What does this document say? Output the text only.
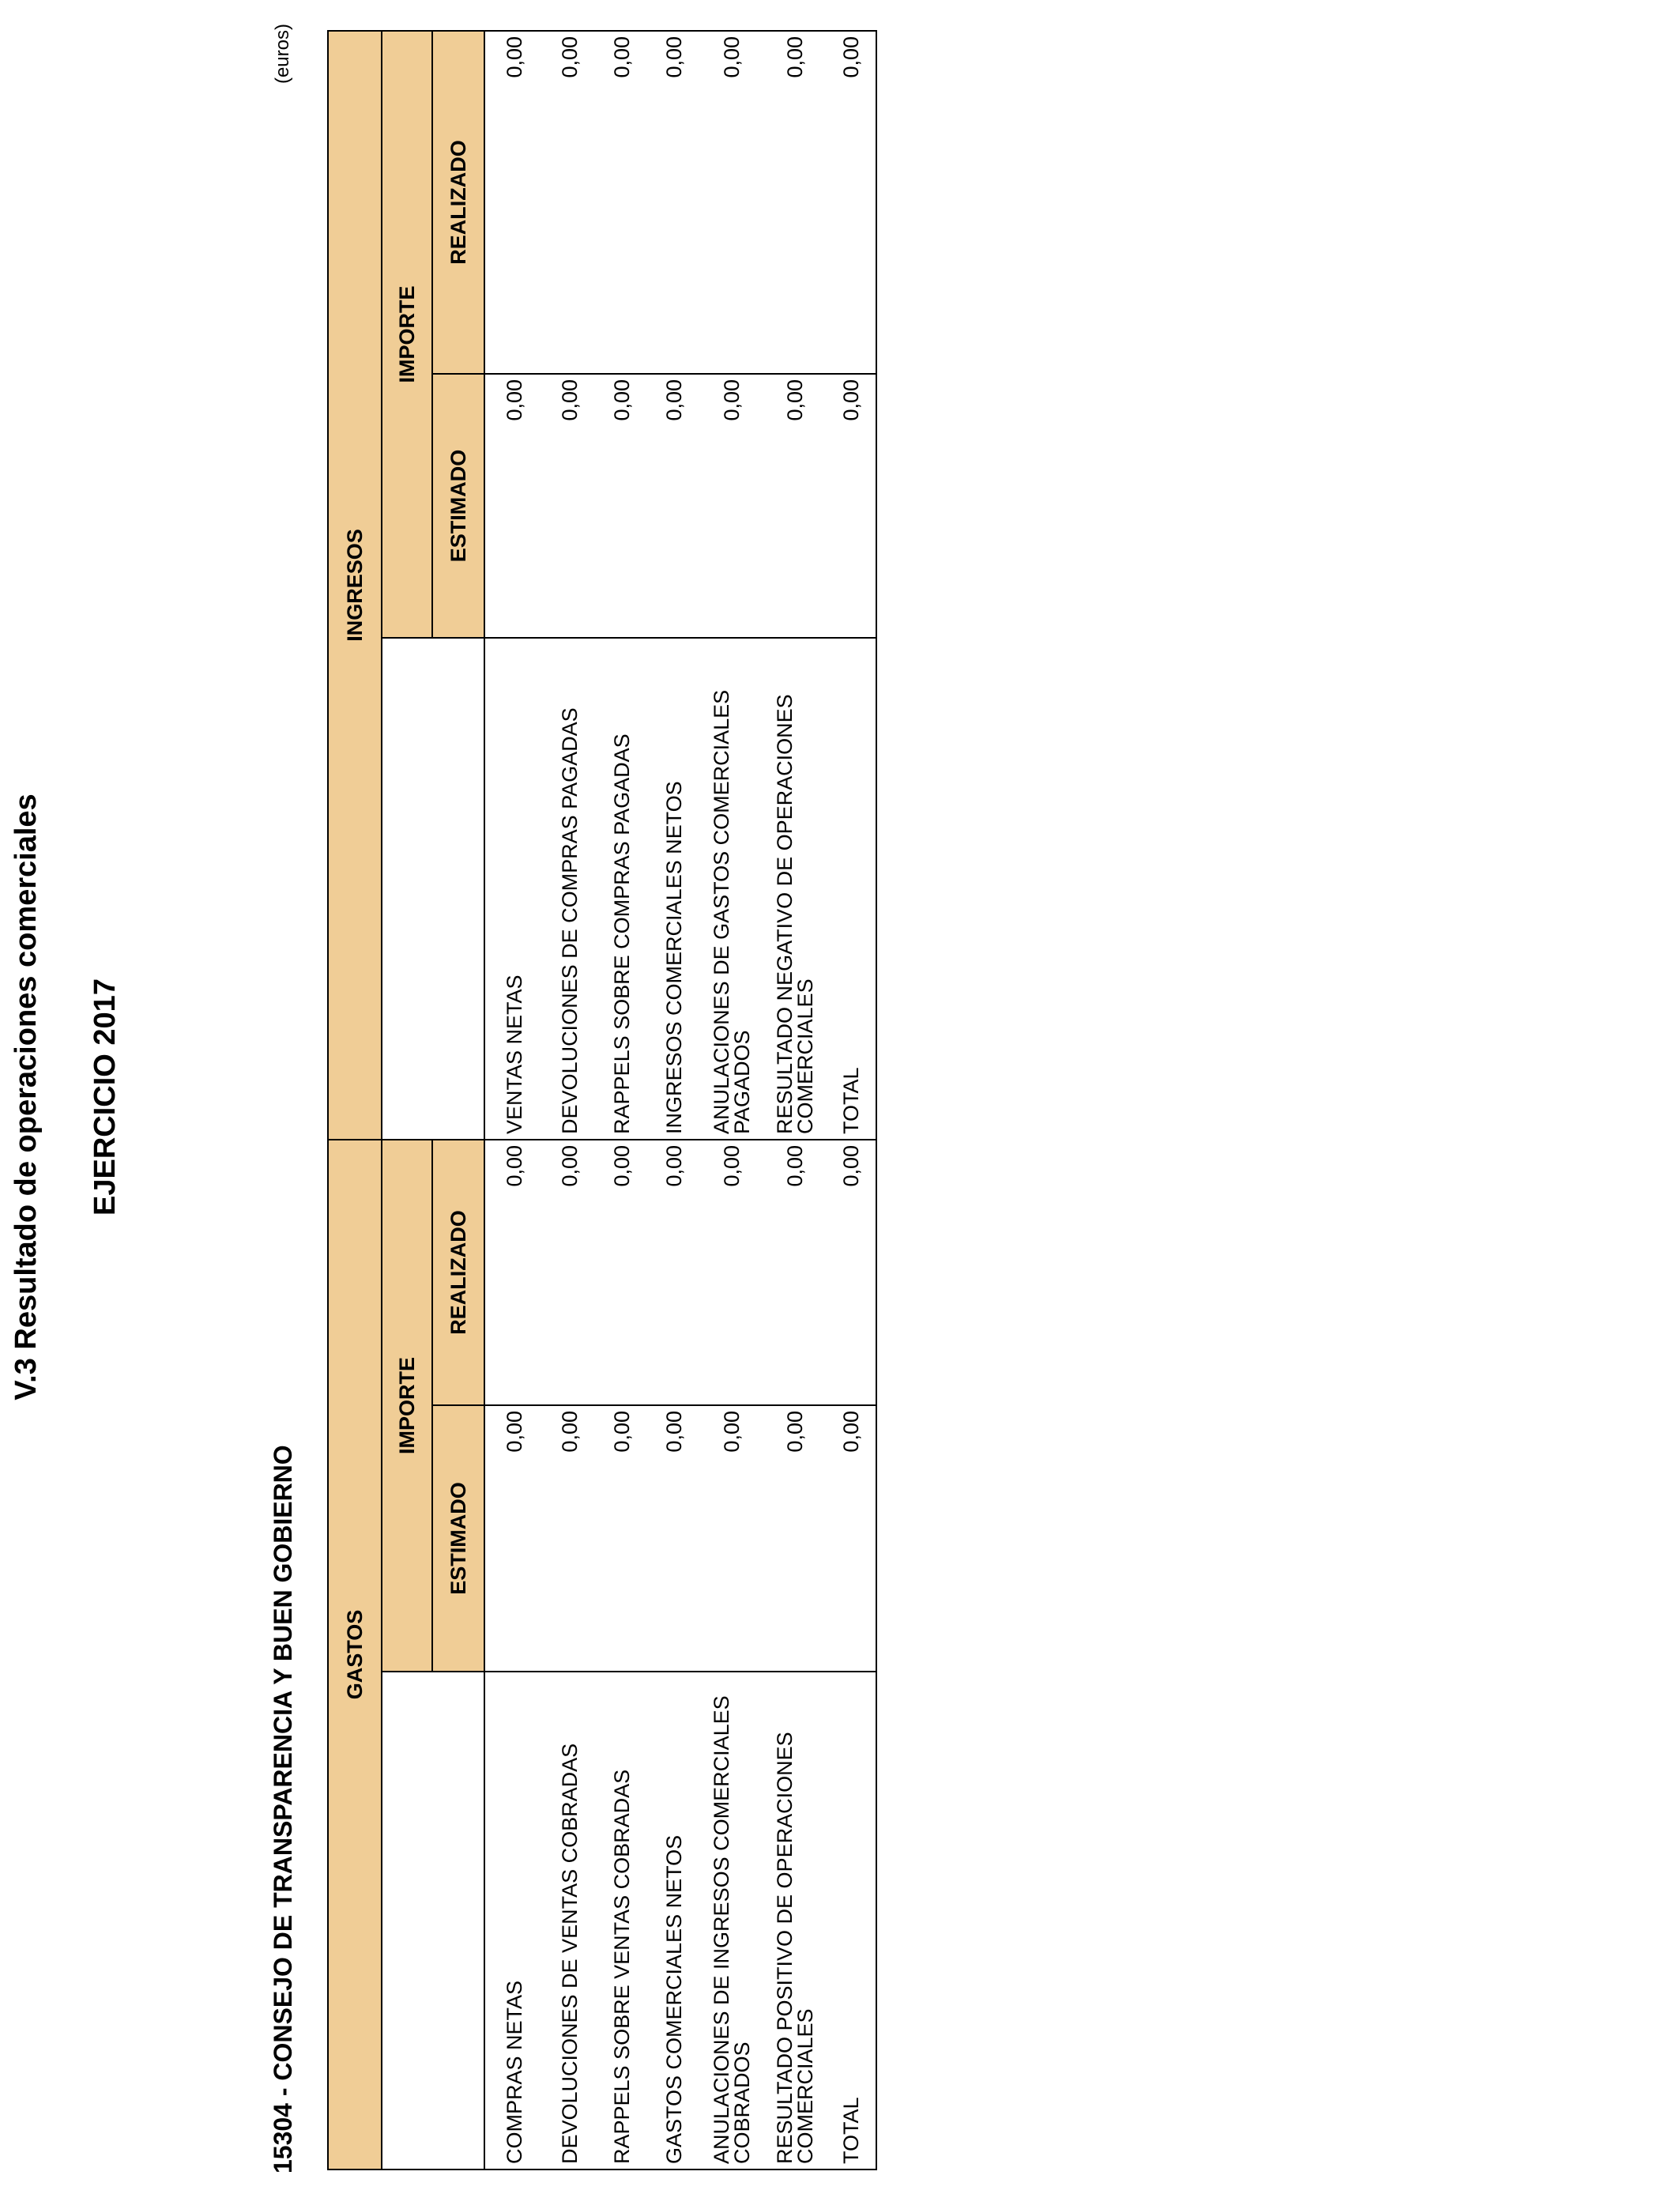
V.3 Resultado de operaciones comerciales EJERCICIO 2017
15304 - CONSEJO DE TRANSPARENCIA Y BUEN GOBIERNO
(euros)
GASTOS			INGRESOS		
	IMPORTE			IMPORTE	
	ESTIMADO	REALIZADO		ESTIMADO	REALIZADO
COMPRAS NETAS	0,00	0,00	VENTAS NETAS	0,00	0,00
DEVOLUCIONES DE VENTAS COBRADAS	0,00	0,00	DEVOLUCIONES DE COMPRAS PAGADAS	0,00	0,00
RAPPELS SOBRE VENTAS COBRADAS	0,00	0,00	RAPPELS SOBRE COMPRAS PAGADAS	0,00	0,00
GASTOS COMERCIALES NETOS	0,00	0,00	INGRESOS COMERCIALES NETOS	0,00	0,00
ANULACIONES DE INGRESOS COMERCIALES COBRADOS	0,00	0,00	ANULACIONES DE GASTOS COMERCIALES PAGADOS	0,00	0,00
RESULTADO POSITIVO DE OPERACIONES COMERCIALES	0,00	0,00	RESULTADO NEGATIVO DE OPERACIONES COMERCIALES	0,00	0,00
TOTAL	0,00	0,00	TOTAL	0,00	0,00
